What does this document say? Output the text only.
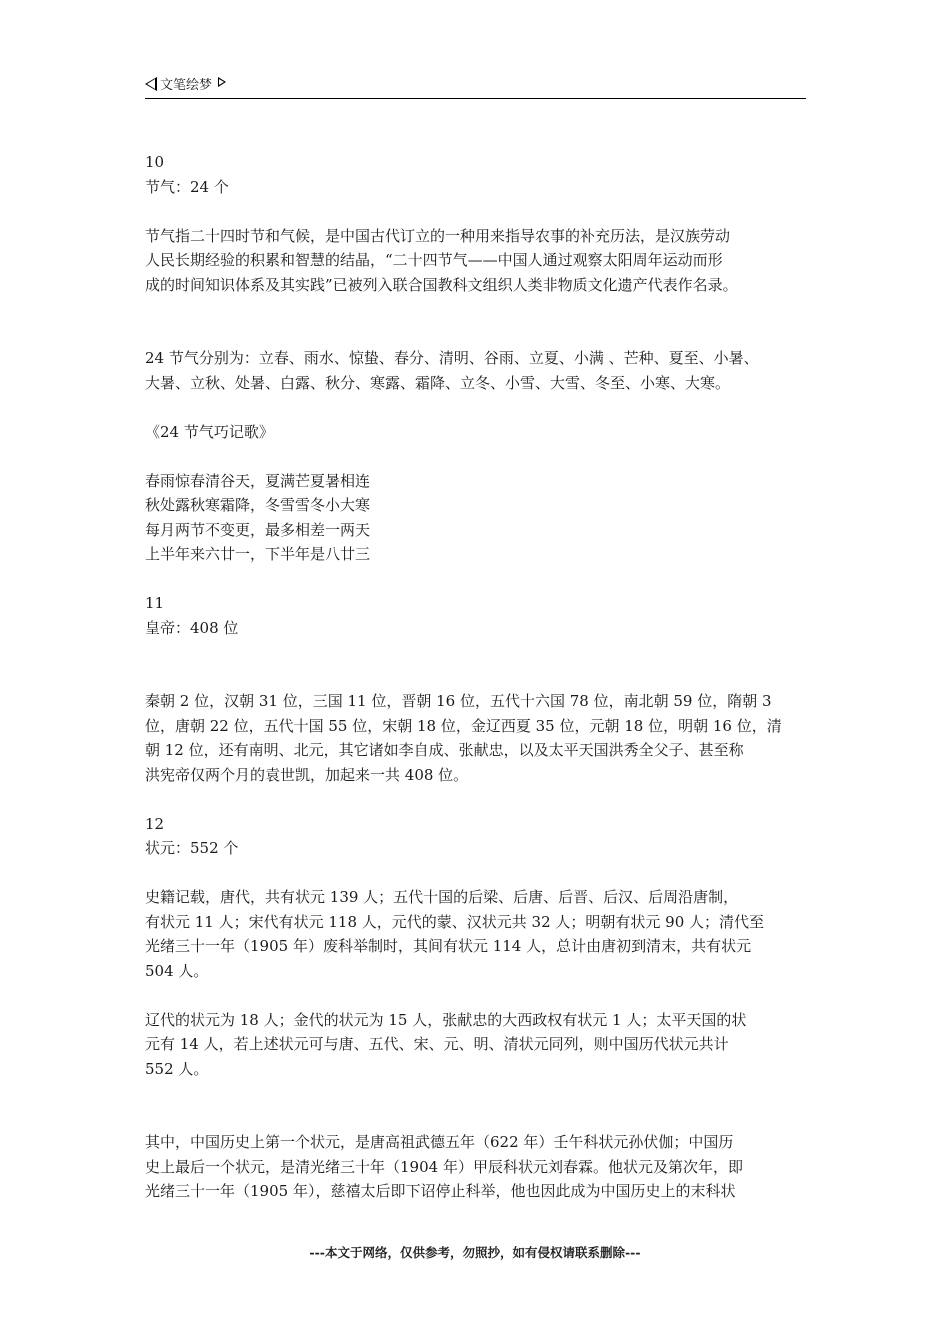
文笔绘梦
10
节气：24 个
节气指二十四时节和气候，是中国古代订立的一种用来指导农事的补充历法，是汉族劳动
人民长期经验的积累和智慧的结晶，“二十四节气——中国人通过观察太阳周年运动而形
成的时间知识体系及其实践”已被列入联合国教科文组织人类非物质文化遗产代表作名录。
24 节气分别为：立春、雨水、惊蛰、春分、清明、谷雨、立夏、小满 、芒种、夏至、小暑、
大暑、立秋、处暑、白露、秋分、寒露、霜降、立冬、小雪、大雪、冬至、小寒、大寒。
《24 节气巧记歌》
春雨惊春清谷天，夏满芒夏暑相连
秋处露秋寒霜降，冬雪雪冬小大寒
每月两节不变更，最多相差一两天
上半年来六廿一，下半年是八廿三
11
皇帝：408 位
秦朝 2 位，汉朝 31 位，三国 11 位，晋朝 16 位，五代十六国 78 位，南北朝 59 位，隋朝 3
位，唐朝 22 位，五代十国 55 位，宋朝 18 位，金辽西夏 35 位，元朝 18 位，明朝 16 位，清
朝 12 位，还有南明、北元，其它诸如李自成、张献忠，以及太平天国洪秀全父子、甚至称
洪宪帝仅两个月的袁世凯，加起来一共 408 位。
12
状元：552 个
史籍记载，唐代，共有状元 139 人；五代十国的后梁、后唐、后晋、后汉、后周沿唐制，
有状元 11 人；宋代有状元 118 人，元代的蒙、汉状元共 32 人；明朝有状元 90 人；清代至
光绪三十一年（1905 年）废科举制时，其间有状元 114 人，总计由唐初到清末，共有状元
504 人。
辽代的状元为 18 人；金代的状元为 15 人，张献忠的大西政权有状元 1 人；太平天国的状
元有 14 人，若上述状元可与唐、五代、宋、元、明、清状元同列，则中国历代状元共计
552 人。
其中，中国历史上第一个状元，是唐高祖武德五年（622 年）壬午科状元孙伏伽；中国历
史上最后一个状元，是清光绪三十年（1904 年）甲辰科状元刘春霖。他状元及第次年，即
光绪三十一年（1905 年），慈禧太后即下诏停止科举，他也因此成为中国历史上的末科状
---本文于网络，仅供参考，勿照抄，如有侵权请联系删除---
